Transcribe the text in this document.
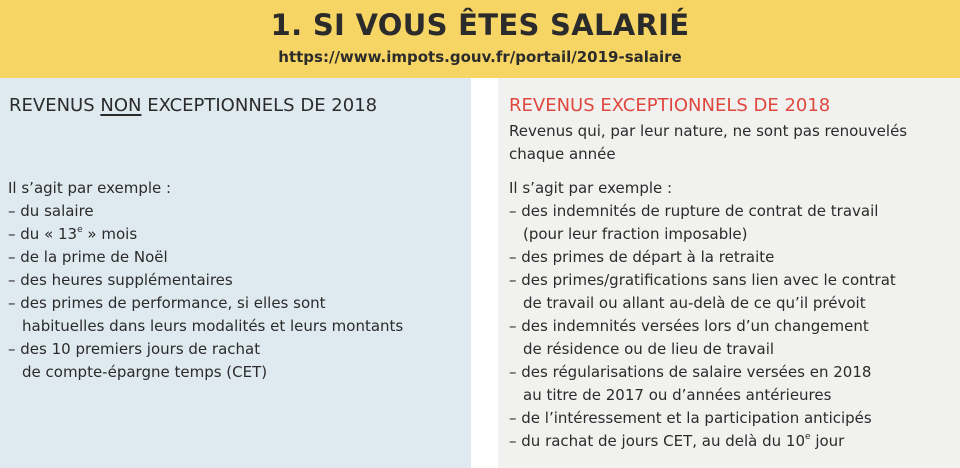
1. SI VOUS ÊTES SALARIÉ
https://www.impots.gouv.fr/portail/2019-salaire
REVENUS NON EXCEPTIONNELS DE 2018
Il s’agit par exemple :
– du salaire
– du « 13e » mois
– de la prime de Noël
– des heures supplémentaires
– des primes de performance, si elles sont
habituelles dans leurs modalités et leurs montants
– des 10 premiers jours de rachat
de compte-épargne temps (CET)
REVENUS EXCEPTIONNELS DE 2018
Revenus qui, par leur nature, ne sont pas renouvelés chaque année
Il s’agit par exemple :
– des indemnités de rupture de contrat de travail
(pour leur fraction imposable)
– des primes de départ à la retraite
– des primes/gratifications sans lien avec le contrat
de travail ou allant au-delà de ce qu’il prévoit
– des indemnités versées lors d’un changement
de résidence ou de lieu de travail
– des régularisations de salaire versées en 2018
au titre de 2017 ou d’années antérieures
– de l’intéressement et la participation anticipés
– du rachat de jours CET, au delà du 10e jour
